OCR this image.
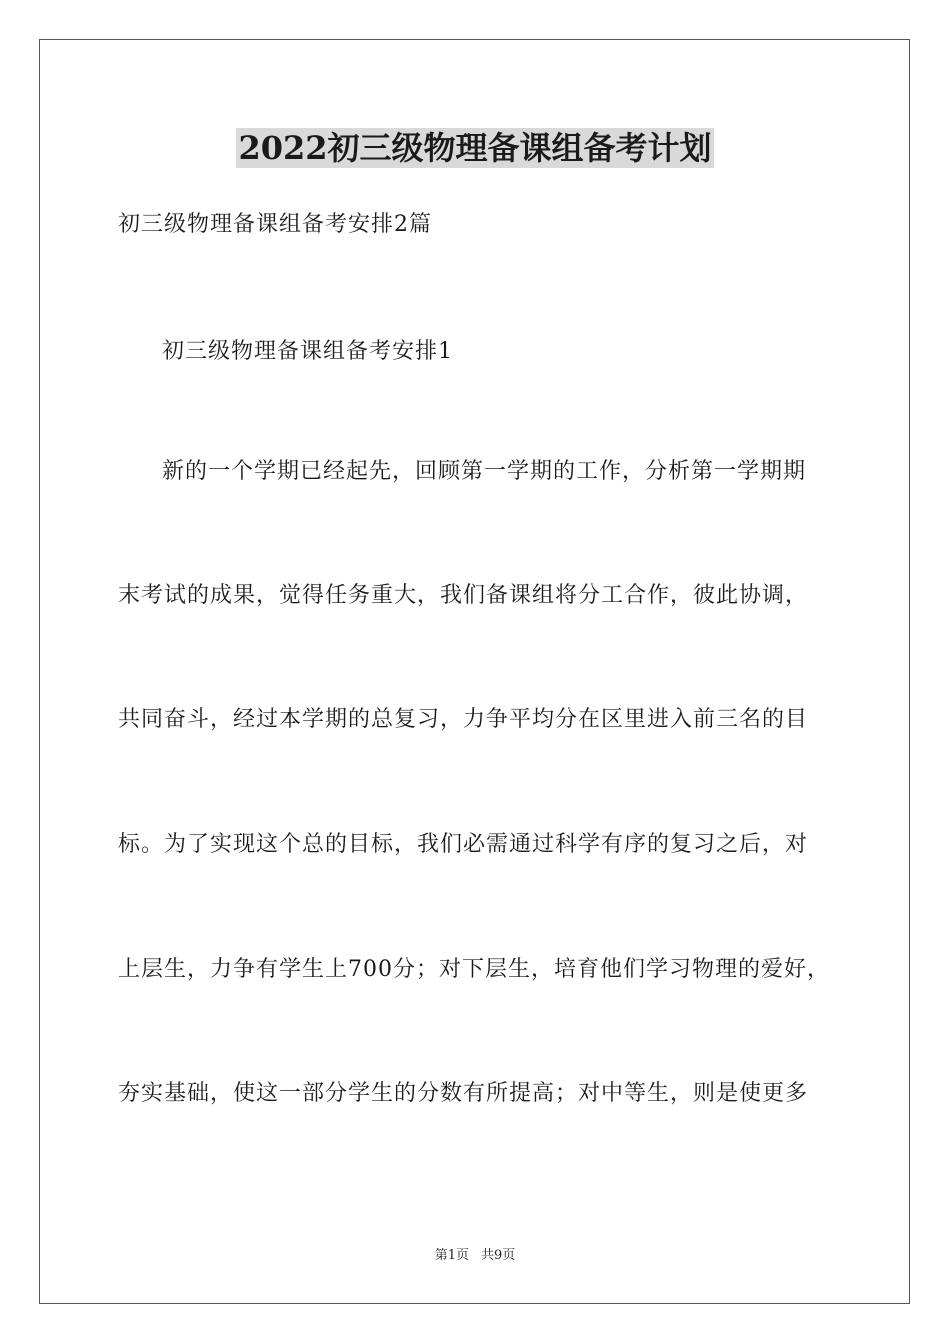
2022初三级物理备课组备考计划
初三级物理备课组备考安排2篇
初三级物理备课组备考安排1
新的一个学期已经起先，回顾第一学期的工作，分析第一学期期
末考试的成果，觉得任务重大，我们备课组将分工合作，彼此协调，
共同奋斗，经过本学期的总复习，力争平均分在区里进入前三名的目
标。为了实现这个总的目标，我们必需通过科学有序的复习之后，对
上层生，力争有学生上700分；对下层生，培育他们学习物理的爱好，
夯实基础，使这一部分学生的分数有所提高；对中等生，则是使更多
第1页 共9页
